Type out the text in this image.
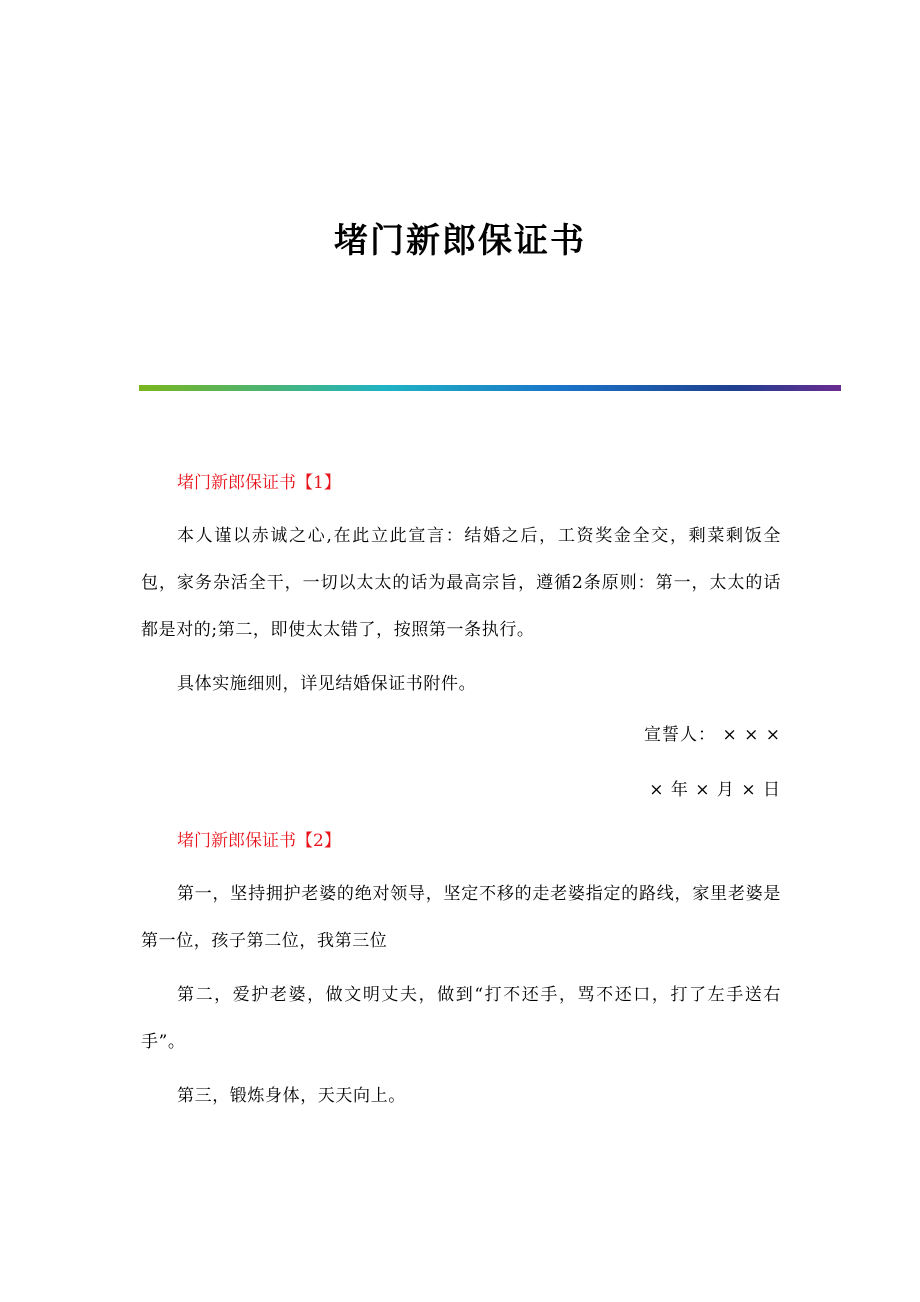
堵门新郎保证书

堵门新郎保证书【1】

本人谨以赤诚之心,在此立此宣言：结婚之后，工资奖金全交，剩菜剩饭全包，家务杂活全干，一切以太太的话为最高宗旨，遵循2条原则：第一，太太的话都是对的;第二，即使太太错了，按照第一条执行。

具体实施细则，详见结婚保证书附件。

宣誓人： × × ×

× 年 × 月 × 日

堵门新郎保证书【2】

第一，坚持拥护老婆的绝对领导，坚定不移的走老婆指定的路线，家里老婆是第一位，孩子第二位，我第三位

第二，爱护老婆，做文明丈夫，做到“打不还手，骂不还口，打了左手送右手”。

第三，锻炼身体，天天向上。
